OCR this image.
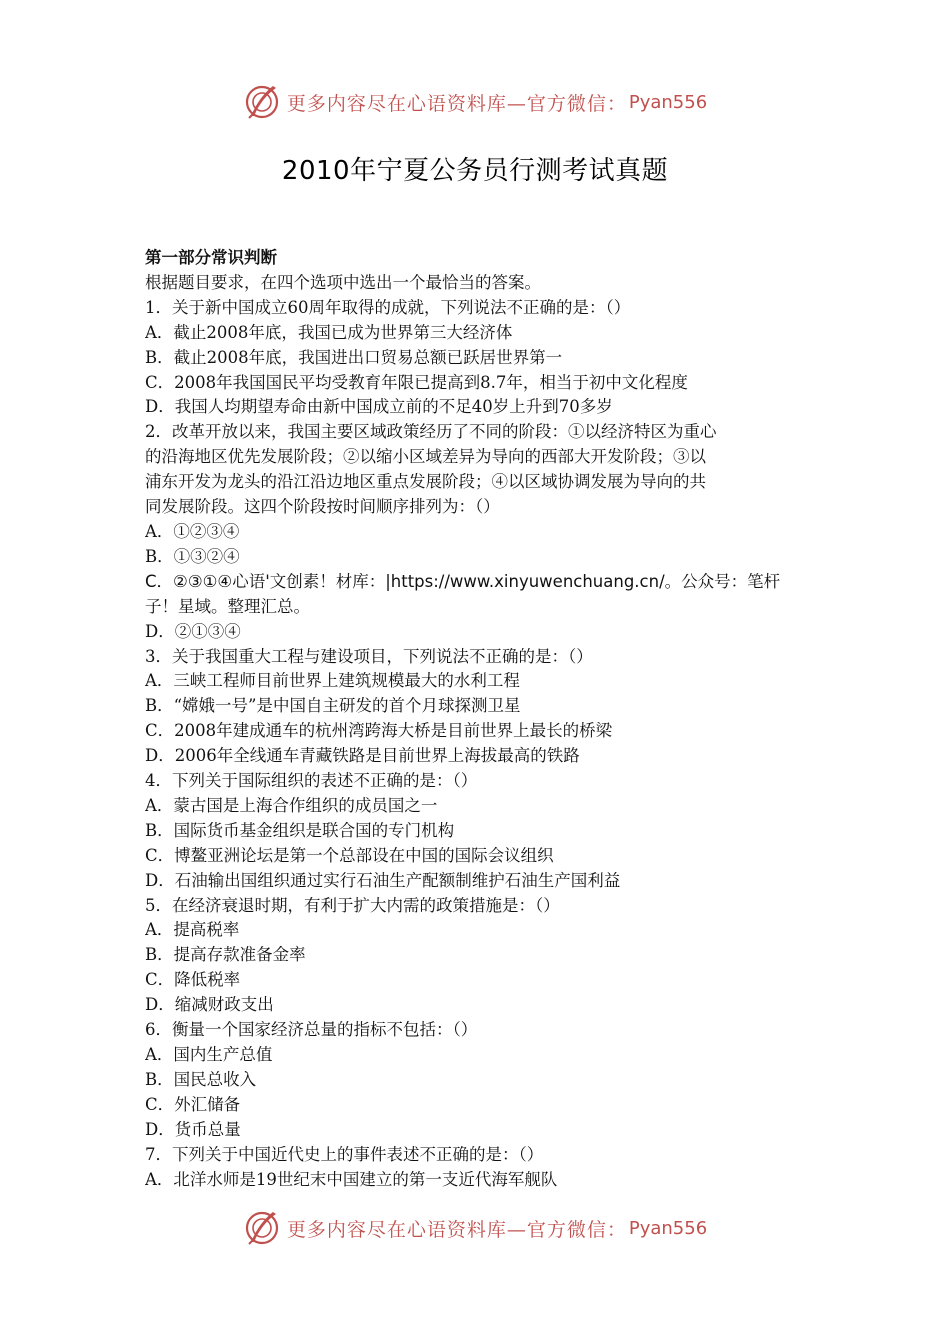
更多内容尽在心语资料库—官方微信： Pyan556
2010年宁夏公务员行测考试真题
第一部分常识判断
根据题目要求，在四个选项中选出一个最恰当的答案。
1．关于新中国成立60周年取得的成就，下列说法不正确的是：（）
A．截止2008年底，我国已成为世界第三大经济体
B．截止2008年底，我国进出口贸易总额已跃居世界第一
C．2008年我国国民平均受教育年限已提高到8.7年，相当于初中文化程度
D．我国人均期望寿命由新中国成立前的不足40岁上升到70多岁
2．改革开放以来，我国主要区域政策经历了不同的阶段：①以经济特区为重心
的沿海地区优先发展阶段；②以缩小区域差异为导向的西部大开发阶段；③以
浦东开发为龙头的沿江沿边地区重点发展阶段；④以区域协调发展为导向的共
同发展阶段。这四个阶段按时间顺序排列为：（）
A．①②③④
B．①③②④
C．②③①④心语'文创素！材库：|https://www.xinyuwenchuang.cn/。公众号：笔杆子！星域。整理汇总。
D．②①③④
3．关于我国重大工程与建设项目，下列说法不正确的是：（）
A．三峡工程师目前世界上建筑规模最大的水利工程
B．“嫦娥一号”是中国自主研发的首个月球探测卫星
C．2008年建成通车的杭州湾跨海大桥是目前世界上最长的桥梁
D．2006年全线通车青藏铁路是目前世界上海拔最高的铁路
4．下列关于国际组织的表述不正确的是：（）
A．蒙古国是上海合作组织的成员国之一
B．国际货币基金组织是联合国的专门机构
C．博鳌亚洲论坛是第一个总部设在中国的国际会议组织
D．石油输出国组织通过实行石油生产配额制维护石油生产国利益
5．在经济衰退时期，有利于扩大内需的政策措施是：（）
A．提高税率
B．提高存款准备金率
C．降低税率
D．缩减财政支出
6．衡量一个国家经济总量的指标不包括：（）
A．国内生产总值
B．国民总收入
C．外汇储备
D．货币总量
7．下列关于中国近代史上的事件表述不正确的是：（）
A．北洋水师是19世纪末中国建立的第一支近代海军舰队
更多内容尽在心语资料库—官方微信： Pyan556
